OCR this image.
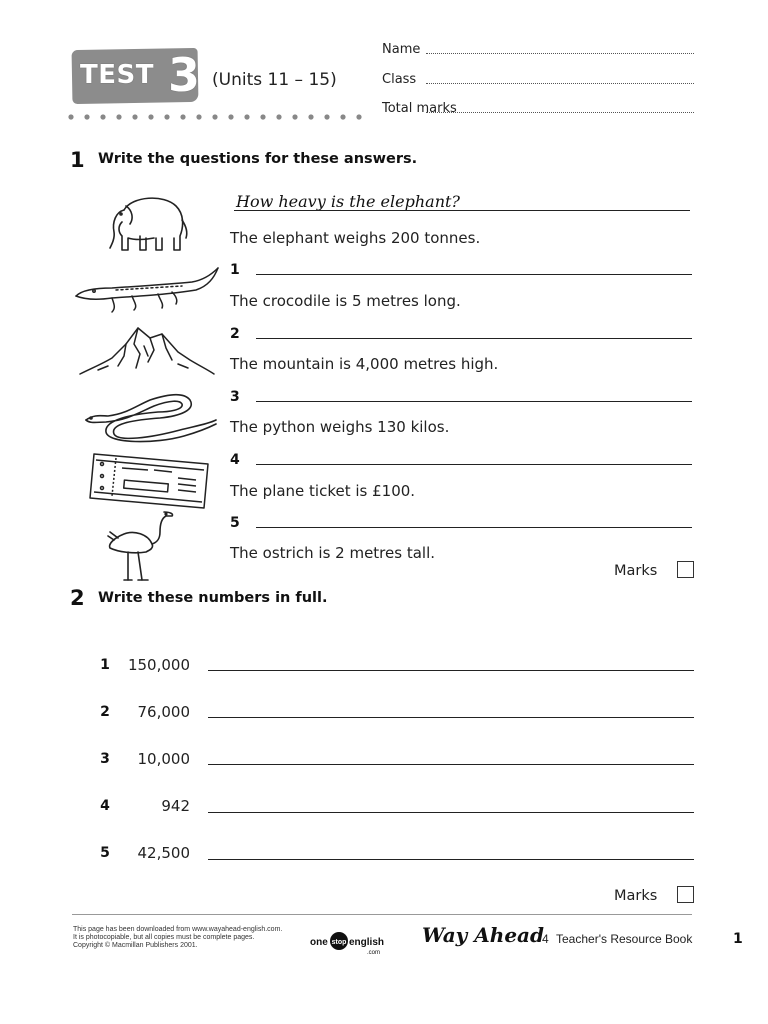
TEST 3 (Units 11 – 15)
Name
Class
Total marks
1 Write the questions for these answers.
How heavy is the elephant?
The elephant weighs 200 tonnes.
1
The crocodile is 5 metres long.
2
The mountain is 4,000 metres high.
3
The python weighs 130 kilos.
4
The plane ticket is £100.
5
The ostrich is 2 metres tall.
Marks
2 Write these numbers in full.
1	150,000
2	76,000
3	10,000
4	942
5	42,500
Marks
This page has been downloaded from www.wayahead-english.com.
It is photocopiable, but all copies must be complete pages.
Copyright © Macmillan Publishers 2001.	one stop english
.com
Way Ahead
4 Teacher's Resource Book	1
